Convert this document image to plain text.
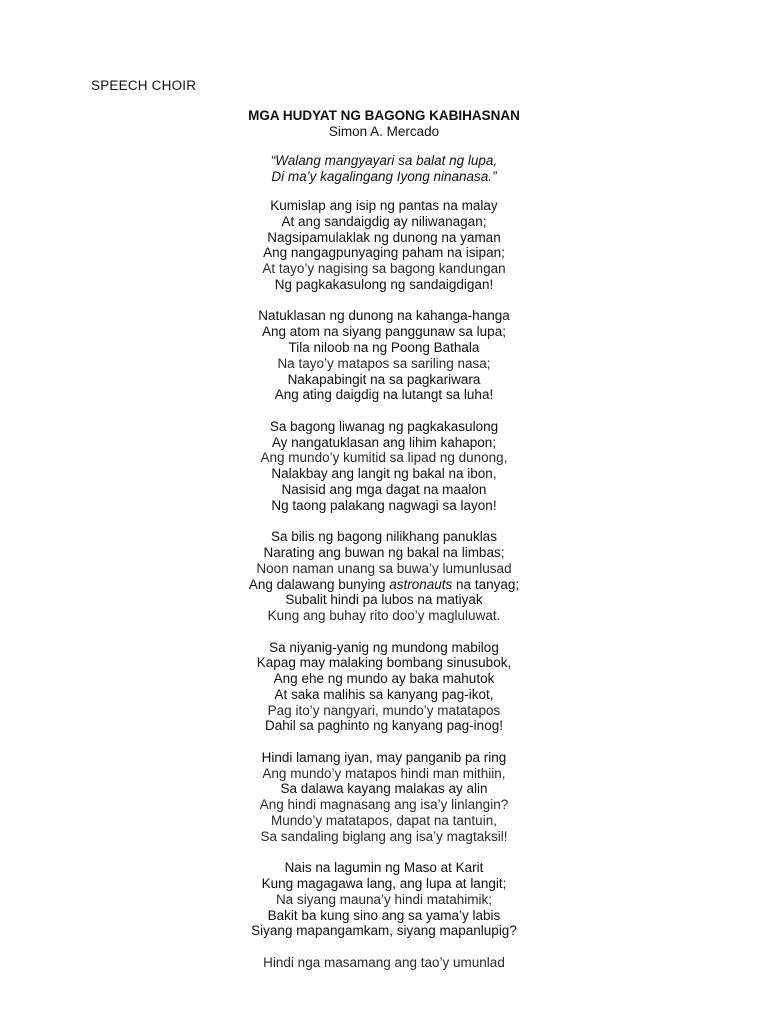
SPEECH CHOIR
MGA HUDYAT NG BAGONG KABIHASNAN
Simon A. Mercado
“Walang mangyayari sa balat ng lupa,
Di ma’y kagalingang Iyong ninanasa.”
Kumislap ang isip ng pantas na malay
At ang sandaigdig ay niliwanagan;
Nagsipamulaklak ng dunong na yaman
Ang nangagpunyaging paham na isipan;
At tayo’y nagising sa bagong kandungan
Ng pagkakasulong ng sandaigdigan!
Natuklasan ng dunong na kahanga-hanga
Ang atom na siyang panggunaw sa lupa;
Tila niloob na ng Poong Bathala
Na tayo’y matapos sa sariling nasa;
Nakapabingit na sa pagkariwara
Ang ating daigdig na lutangt sa luha!
Sa bagong liwanag ng pagkakasulong
Ay nangatuklasan ang lihim kahapon;
Ang mundo’y kumitid sa lipad ng dunong,
Nalakbay ang langit ng bakal na ibon,
Nasisid ang mga dagat na maalon
Ng taong palakang nagwagi sa layon!
Sa bilis ng bagong nilikhang panuklas
Narating ang buwan ng bakal na limbas;
Noon naman unang sa buwa’y lumunlusad
Ang dalawang bunying astronauts na tanyag;
Subalit hindi pa lubos na matiyak
Kung ang buhay rito doo’y magluluwat.
Sa niyanig-yanig ng mundong mabilog
Kapag may malaking bombang sinusubok,
Ang ehe ng mundo ay baka mahutok
At saka malihis sa kanyang pag-ikot,
Pag ito’y nangyari, mundo’y matatapos
Dahil sa paghinto ng kanyang pag-inog!
Hindi lamang iyan, may panganib pa ring
Ang mundo’y matapos hindi man mithiin,
Sa dalawa kayang malakas ay alin
Ang hindi magnasang ang isa’y linlangin?
Mundo’y matatapos, dapat na tantuin,
Sa sandaling biglang ang isa’y magtaksil!
Nais na lagumin ng Maso at Karit
Kung magagawa lang, ang lupa at langit;
Na siyang mauna’y hindi matahimik;
Bakit ba kung sino ang sa yama’y labis
Siyang mapangamkam, siyang mapanlupig?
Hindi nga masamang ang tao’y umunlad
